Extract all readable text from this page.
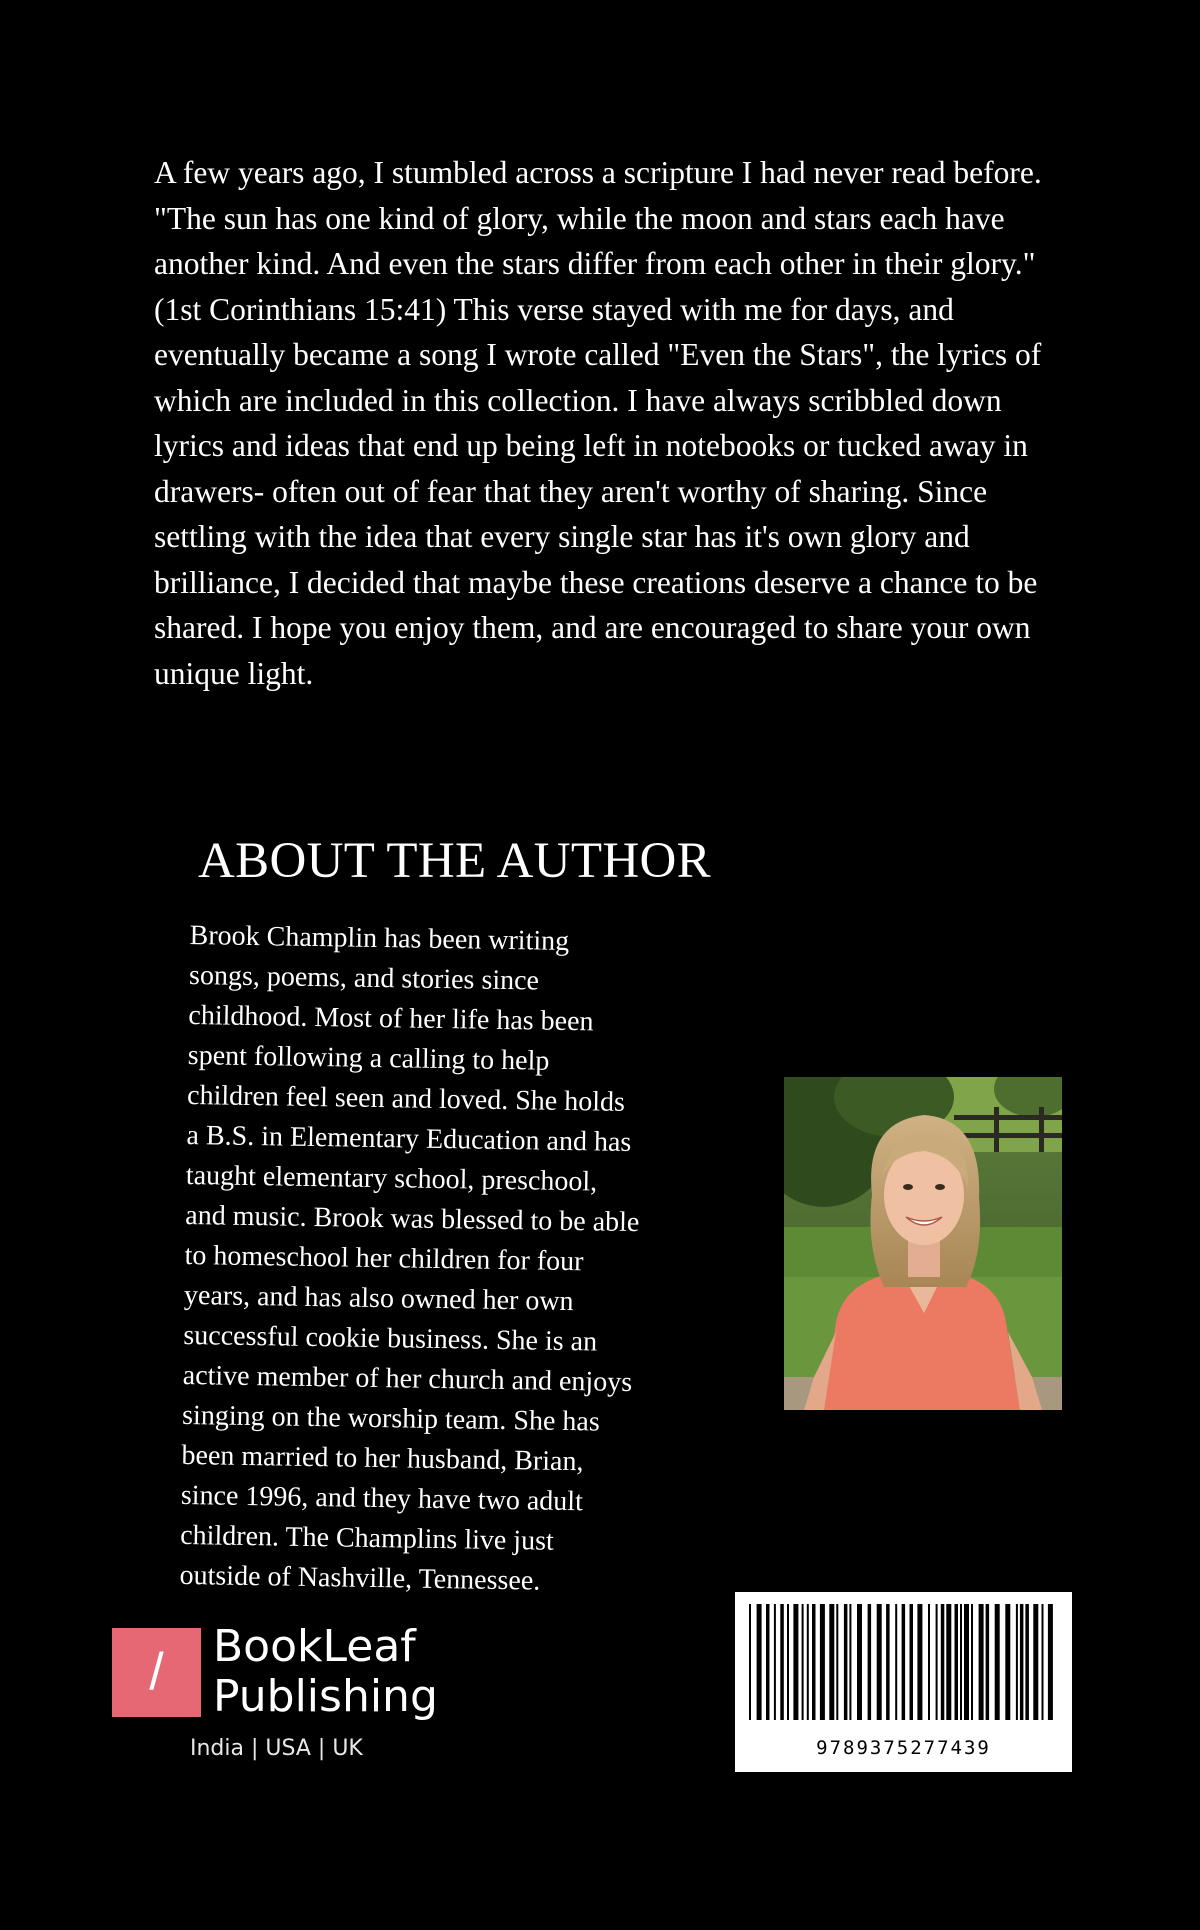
A few years ago, I stumbled across a scripture I had never read before. "The sun has one kind of glory, while the moon and stars each have another kind. And even the stars differ from each other in their glory." (1st Corinthians 15:41) This verse stayed with me for days, and eventually became a song I wrote called "Even the Stars", the lyrics of which are included in this collection. I have always scribbled down lyrics and ideas that end up being left in notebooks or tucked away in drawers- often out of fear that they aren't worthy of sharing. Since settling with the idea that every single star has it's own glory and brilliance, I decided that maybe these creations deserve a chance to be shared. I hope you enjoy them, and are encouraged to share your own unique light.

ABOUT THE AUTHOR
Brook Champlin has been writing
songs, poems, and stories since
childhood. Most of her life has been
spent following a calling to help
children feel seen and loved. She holds
a B.S. in Elementary Education and has
taught elementary school, preschool,
and music. Brook was blessed to be able
to homeschool her children for four
years, and has also owned her own
successful cookie business. She is an
active member of her church and enjoys
singing on the worship team. She has
been married to her husband, Brian,
since 1996, and they have two adult
children. The Champlins live just
outside of Nashville, Tennessee.
/	BookLeaf
Publishing
India | USA | UK	9789375277439
